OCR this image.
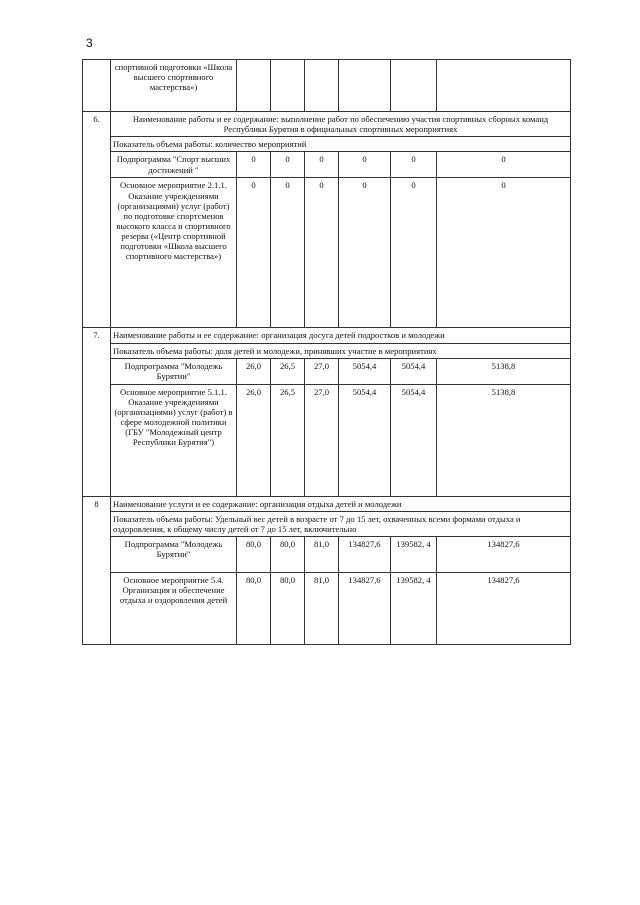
3
	спортивной подготовки «Школа высшего спортивного мастерства»)						
6.	Наименование работы и ее содержание: выполнение работ по обеспечению участия спортивных сборных команд Республики Бурятия в официальных спортивных мероприятиях						
	Показатель объема работы: количество мероприятий						
	Подпрограмма "Спорт высших достижений "	0	0	0	0	0	0
	Основное мероприятие 2.1.1. Оказание учреждениями (организациями) услуг (работ) по подготовке спортсменов высокого класса и спортивного резерва («Центр спортивной подготовки «Школа высшего спортивного мастерства»)	0	0	0	0	0	0
7.	Наименование работы и ее содержание: организация досуга детей подростков и молодежи						
	Показатель объема работы: доля детей и молодежи, принявших участие в мероприятиях						
	Подпрограмма "Молодежь Бурятии"	26,0	26,5	27,0	5054,4	5054,4	5138,8
	Основное мероприятие 5.1.1. Оказание учреждениями (организациями) услуг (работ) в сфере молодежной политики (ГБУ "Молодежный центр Республики Бурятия")	26,0	26,5	27,0	5054,4	5054,4	5138,8
8	Наименование услуги и ее содержание: организация отдыха детей и молодежи						
	Показатель объема работы: Удельный вес детей в возрасте от 7 до 15 лет, охваченных всеми формами отдыха и оздоровления, к общему числу детей от 7 до 15 лет, включительно						
	Подпрограмма "Молодежь Бурятии"	80,0	80,0	81,0	134827,6	139582, 4	134827,6
	Основное мероприятие 5.4. Организация и обеспечение отдыха и оздоровления детей	80,0	80,0	81,0	134827,6	139582, 4	134827,6
